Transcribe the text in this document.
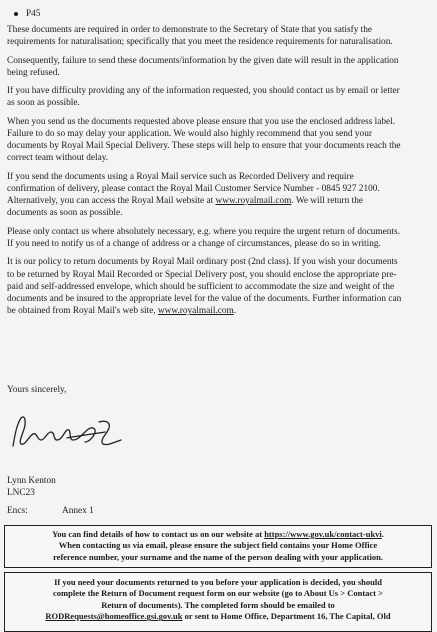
P45

These documents are required in order to demonstrate to the Secretary of State that you satisfy the requirements for naturalisation; specifically that you meet the residence requirements for naturalisation.

Consequently, failure to send these documents/information by the given date will result in the application being refused.

If you have difficulty providing any of the information requested, you should contact us by email or letter as soon as possible.

When you send us the documents requested above please ensure that you use the enclosed address label. Failure to do so may delay your application. We would also highly recommend that you send your documents by Royal Mail Special Delivery. These steps will help to ensure that your documents reach the correct team without delay.

If you send the documents using a Royal Mail service such as Recorded Delivery and require confirmation of delivery, please contact the Royal Mail Customer Service Number - 0845 927 2100. Alternatively, you can access the Royal Mail website at www.royalmail.com. We will return the documents as soon as possible.

Please only contact us where absolutely necessary, e.g. where you require the urgent return of documents. If you need to notify us of a change of address or a change of circumstances, please do so in writing.

It is our policy to return documents by Royal Mail ordinary post (2nd class). If you wish your documents to be returned by Royal Mail Recorded or Special Delivery post, you should enclose the appropriate pre-paid and self-addressed envelope, which should be sufficient to accommodate the size and weight of the documents and be insured to the appropriate level for the value of the documents. Further information can be obtained from Royal Mail's web site, www.royalmail.com.

Yours sincerely,
Lynn Kenton
LNC23
Encs:	Annex 1
You can find details of how to contact us on our website at https://www.gov.uk/contact-ukvi.
When contacting us via email, please ensure the subject field contains your Home Office
reference number, your surname and the name of the person dealing with your application.
If you need your documents returned to you before your application is decided, you should
complete the Return of Document request form on our website (go to About Us > Contact >
Return of documents). The completed form should be emailed to
RODRequests@homeoffice.gsi.gov.uk or sent to Home Office, Department 16, The Capital, Old
